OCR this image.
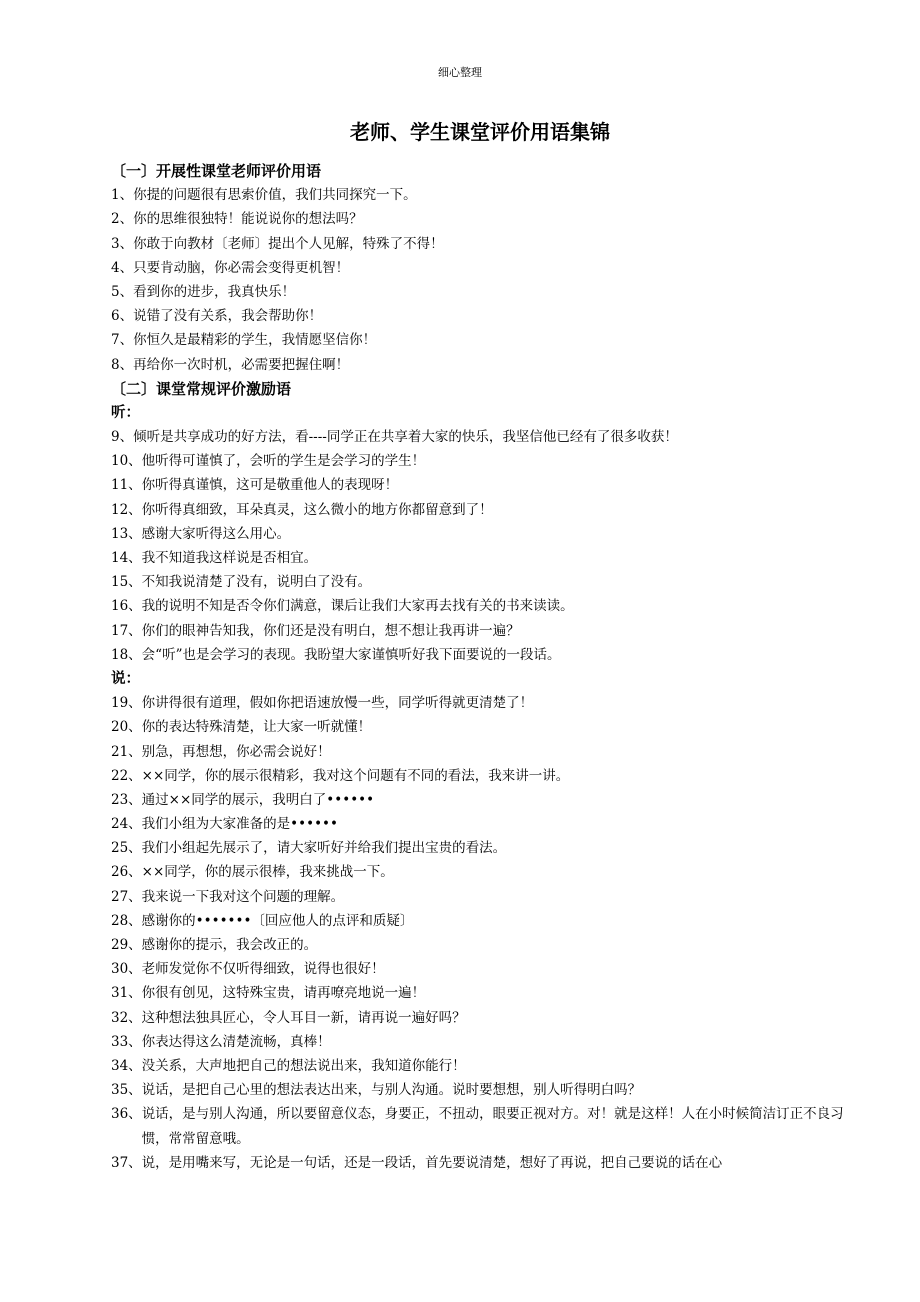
细心整理
老师、学生课堂评价用语集锦
〔一〕开展性课堂老师评价用语
1、你提的问题很有思索价值，我们共同探究一下。
2、你的思维很独特！能说说你的想法吗？
3、你敢于向教材〔老师〕提出个人见解，特殊了不得！
4、只要肯动脑，你必需会变得更机智！
5、看到你的进步，我真快乐！
6、说错了没有关系，我会帮助你！
7、你恒久是最精彩的学生，我情愿坚信你！
8、再给你一次时机，必需要把握住啊！
〔二〕课堂常规评价激励语
听：
9、倾听是共享成功的好方法，看----同学正在共享着大家的快乐，我坚信他已经有了很多收获！
10、他听得可谨慎了，会听的学生是会学习的学生！
11、你听得真谨慎，这可是敬重他人的表现呀！
12、你听得真细致，耳朵真灵，这么微小的地方你都留意到了！
13、感谢大家听得这么用心。
14、我不知道我这样说是否相宜。
15、不知我说清楚了没有，说明白了没有。
16、我的说明不知是否令你们满意，课后让我们大家再去找有关的书来读读。
17、你们的眼神告知我，你们还是没有明白，想不想让我再讲一遍？
18、会“听”也是会学习的表现。我盼望大家谨慎听好我下面要说的一段话。
说：
19、你讲得很有道理，假如你把语速放慢一些，同学听得就更清楚了！
20、你的表达特殊清楚，让大家一听就懂！
21、别急，再想想，你必需会说好！
22、××同学，你的展示很精彩，我对这个问题有不同的看法，我来讲一讲。
23、通过××同学的展示，我明白了••••••
24、我们小组为大家准备的是••••••
25、我们小组起先展示了，请大家听好并给我们提出宝贵的看法。
26、××同学，你的展示很棒，我来挑战一下。
27、我来说一下我对这个问题的理解。
28、感谢你的•••••••〔回应他人的点评和质疑〕
29、感谢你的提示，我会改正的。
30、老师发觉你不仅听得细致，说得也很好！
31、你很有创见，这特殊宝贵，请再嘹亮地说一遍！
32、这种想法独具匠心，令人耳目一新，请再说一遍好吗？
33、你表达得这么清楚流畅，真棒！
34、没关系，大声地把自己的想法说出来，我知道你能行！
35、说话，是把自己心里的想法表达出来，与别人沟通。说时要想想，别人听得明白吗？
36、 说话，是与别人沟通，所以要留意仪态，身要正，不扭动，眼要正视对方。对！就是这样！人在小时候简洁订正不良习惯，常常留意哦。
37、说，是用嘴来写，无论是一句话，还是一段话，首先要说清楚，想好了再说，把自己要说的话在心
